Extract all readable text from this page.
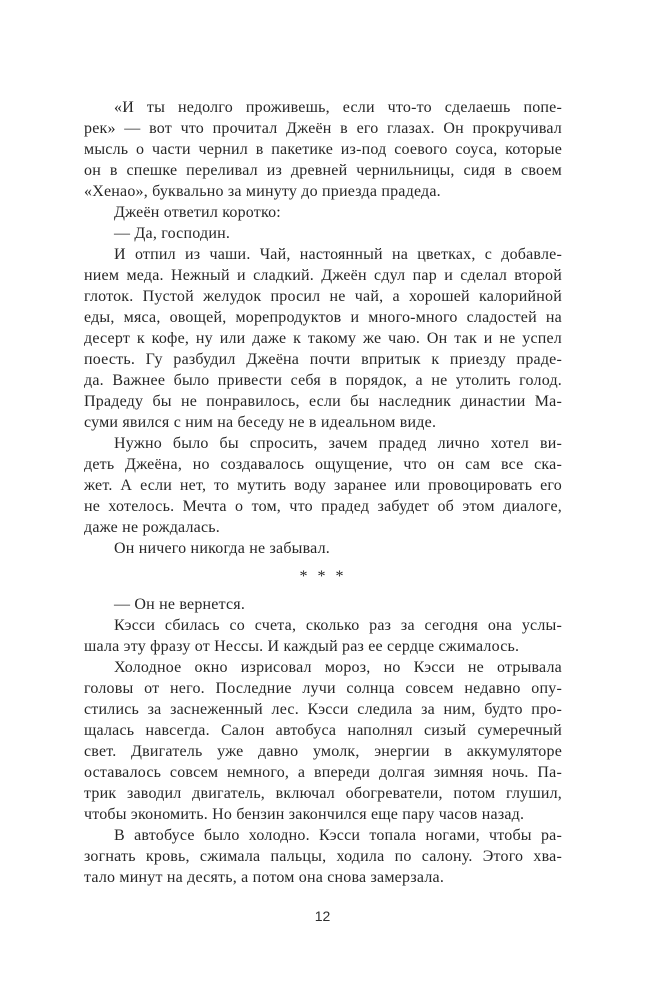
«И ты недолго проживешь, если что-то сделаешь попе-
рек» — вот что прочитал Джеён в его глазах. Он прокручивал
мысль о части чернил в пакетике из-под соевого соуса, которые
он в спешке переливал из древней чернильницы, сидя в своем
«Хенао», буквально за минуту до приезда прадеда.
Джеён ответил коротко:
— Да, господин.
И отпил из чаши. Чай, настоянный на цветках, с добавле-
нием меда. Нежный и сладкий. Джеён сдул пар и сделал второй
глоток. Пустой желудок просил не чай, а хорошей калорийной
еды, мяса, овощей, морепродуктов и много-много сладостей на
десерт к кофе, ну или даже к такому же чаю. Он так и не успел
поесть. Гу разбудил Джеёна почти впритык к приезду праде-
да. Важнее было привести себя в порядок, а не утолить голод.
Прадеду бы не понравилось, если бы наследник династии Ма-
суми явился с ним на беседу не в идеальном виде.
Нужно было бы спросить, зачем прадед лично хотел ви-
деть Джеёна, но создавалось ощущение, что он сам все ска-
жет. А если нет, то мутить воду заранее или провоцировать его
не хотелось. Мечта о том, что прадед забудет об этом диалоге,
даже не рождалась.
Он ничего никогда не забывал.
* * *
— Он не вернется.
Кэсси сбилась со счета, сколько раз за сегодня она услы-
шала эту фразу от Нессы. И каждый раз ее сердце сжималось.
Холодное окно изрисовал мороз, но Кэсси не отрывала
головы от него. Последние лучи солнца совсем недавно опу-
стились за заснеженный лес. Кэсси следила за ним, будто про-
щалась навсегда. Салон автобуса наполнял сизый сумеречный
свет. Двигатель уже давно умолк, энергии в аккумуляторе
оставалось совсем немного, а впереди долгая зимняя ночь. Па-
трик заводил двигатель, включал обогреватели, потом глушил,
чтобы экономить. Но бензин закончился еще пару часов назад.
В автобусе было холодно. Кэсси топала ногами, чтобы ра-
зогнать кровь, сжимала пальцы, ходила по салону. Этого хва-
тало минут на десять, а потом она снова замерзала.
12
